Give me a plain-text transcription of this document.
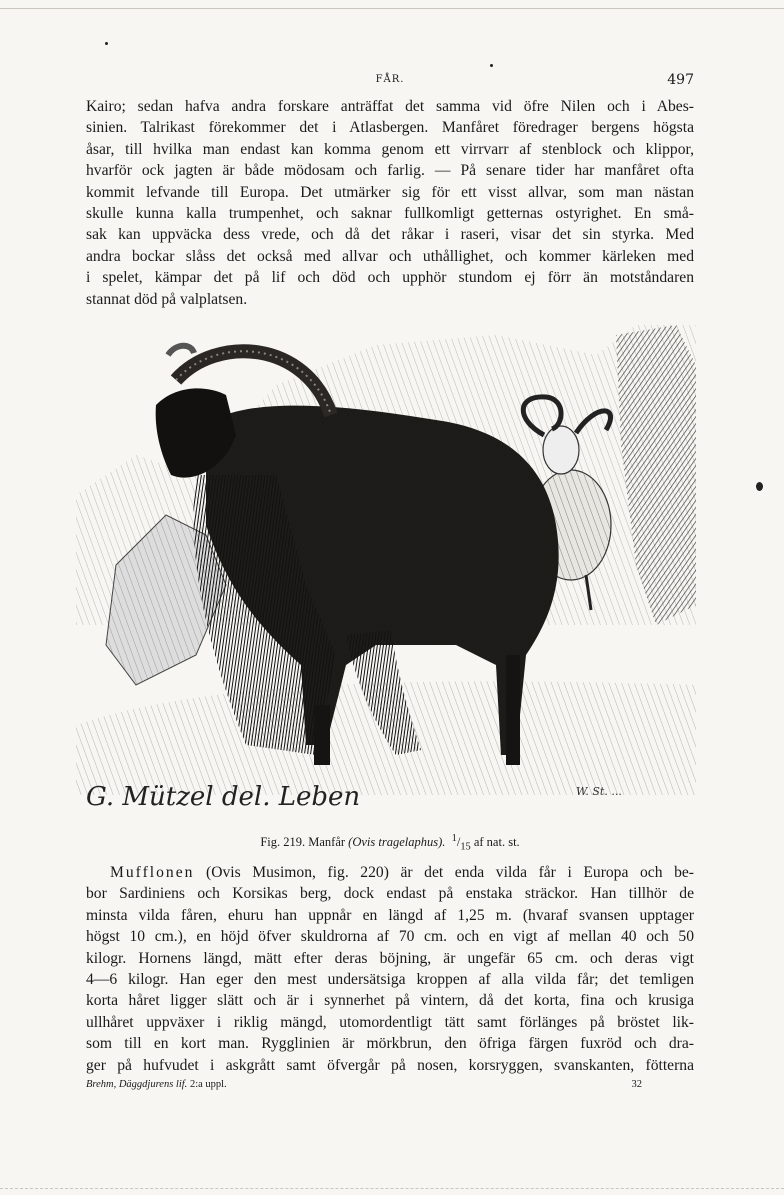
FÅR.	497

Kairo; sedan hafva andra forskare anträffat det samma vid öfre Nilen och i Abes-
sinien. Talrikast förekommer det i Atlasbergen. Manfåret föredrager bergens högsta
åsar, till hvilka man endast kan komma genom ett virrvarr af stenblock och klippor,
hvarför ock jagten är både mödosam och farlig. — På senare tider har manfåret ofta
kommit lefvande till Europa. Det utmärker sig för ett visst allvar, som man nästan
skulle kunna kalla trumpenhet, och saknar fullkomligt getternas ostyrighet. En små-
sak kan uppväcka dess vrede, och då det råkar i raseri, visar det sin styrka. Med
andra bockar slåss det också med allvar och uthållighet, och kommer kärleken med
i spelet, kämpar det på lif och död och upphör stundom ej förr än motståndaren
stannat död på valplatsen.

G. Mützel del. Leben	W. St. ...
Fig. 219. Manfår (Ovis tragelaphus). $^1/_{15}$ af nat. st.

Mufflonen (Ovis Musimon, fig. 220) är det enda vilda får i Europa och be-
bor Sardiniens och Korsikas berg, dock endast på enstaka sträckor. Han tillhör de
minsta vilda fåren, ehuru han uppnår en längd af 1,25 m. (hvaraf svansen upptager
högst 10 cm.), en höjd öfver skuldrorna af 70 cm. och en vigt af mellan 40 och 50
kilogr. Hornens längd, mätt efter deras böjning, är ungefär 65 cm. och deras vigt
4—6 kilogr. Han eger den mest undersätsiga kroppen af alla vilda får; det temligen
korta håret ligger slätt och är i synnerhet på vintern, då det korta, fina och krusiga
ullhåret uppväxer i riklig mängd, utomordentligt tätt samt förlänges på bröstet lik-
som till en kort man. Rygglinien är mörkbrun, den öfriga färgen fuxröd och dra-
ger på hufvudet i askgrått samt öfvergår på nosen, korsryggen, svanskanten, fötterna

Brehm, Däggdjurens lif. 2:a uppl.	32
